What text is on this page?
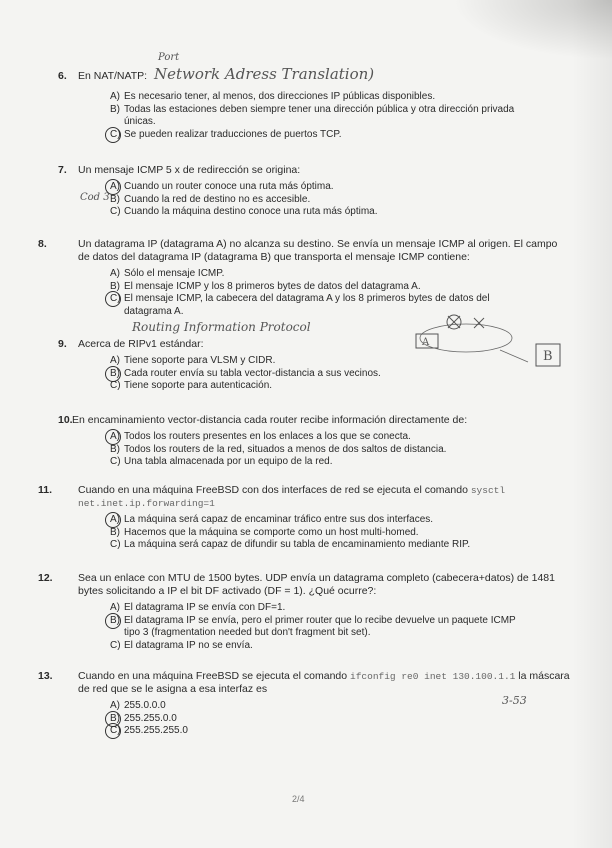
Port
6. En NAT/NATP: Network Adress Translation)
A) Es necesario tener, al menos, dos direcciones IP públicas disponibles.
B) Todas las estaciones deben siempre tener una dirección pública y otra dirección privada únicas.
C) Se pueden realizar traducciones de puertos TCP.
7. Un mensaje ICMP 5 x de redirección se origina:
A) Cuando un router conoce una ruta más óptima.
B) Cuando la red de destino no es accesible.
C) Cuando la máquina destino conoce una ruta más óptima.
Cod 3
8.	Un datagrama IP (datagrama A) no alcanza su destino. Se envía un mensaje ICMP al origen. El campo de datos del datagrama IP (datagrama B) que transporta el mensaje ICMP contiene:
A) Sólo el mensaje ICMP.
B) El mensaje ICMP y los 8 primeros bytes de datos del datagrama A.
C) El mensaje ICMP, la cabecera del datagrama A y los 8 primeros bytes de datos del datagrama A.
Routing Information Protocol
9. Acerca de RIPv1 estándar:
A) Tiene soporte para VLSM y CIDR.
B) Cada router envía su tabla vector-distancia a sus vecinos.
C) Tiene soporte para autenticación.
A
B
10.En encaminamiento vector-distancia cada router recibe información directamente de:
A) Todos los routers presentes en los enlaces a los que se conecta.
B) Todos los routers de la red, situados a menos de dos saltos de distancia.
C) Una tabla almacenada por un equipo de la red.
11. Cuando en una máquina FreeBSD con dos interfaces de red se ejecuta el comando sysctl net.inet.ip.forwarding=1
A) La máquina será capaz de encaminar tráfico entre sus dos interfaces.
B) Hacemos que la máquina se comporte como un host multi-homed.
C) La máquina será capaz de difundir su tabla de encaminamiento mediante RIP.
12. Sea un enlace con MTU de 1500 bytes. UDP envía un datagrama completo (cabecera+datos) de 1481 bytes solicitando a IP el bit DF activado (DF = 1). ¿Qué ocurre?:
A) El datagrama IP se envía con DF=1.
B) El datagrama IP se envía, pero el primer router que lo recibe devuelve un paquete ICMP tipo 3 (fragmentation needed but don't fragment bit set).
C) El datagrama IP no se envía.
13. Cuando en una máquina FreeBSD se ejecuta el comando ifconfig re0 inet 130.100.1.1 la máscara de red que se le asigna a esa interfaz es
A) 255.0.0.0
B) 255.255.0.0
C) 255.255.255.0
3-53
2/4
